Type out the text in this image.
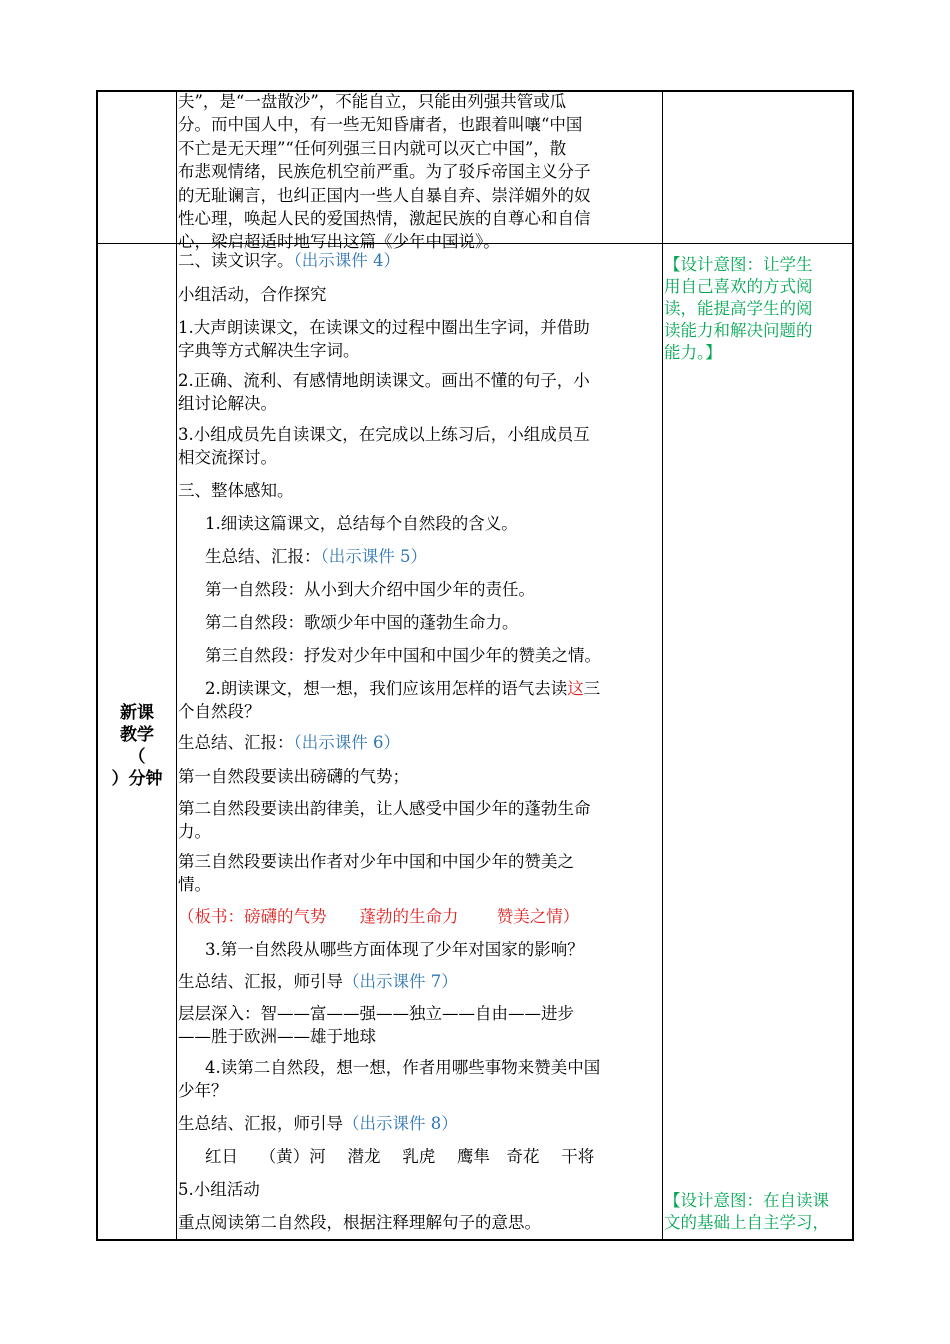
夫”，是“一盘散沙”，不能自立，只能由列强共管或瓜
分。而中国人中，有一些无知昏庸者，也跟着叫嚷“中国
不亡是无天理”“任何列强三日内就可以灭亡中国”，散
布悲观情绪，民族危机空前严重。为了驳斥帝国主义分子
的无耻谰言，也纠正国内一些人自暴自弃、崇洋媚外的奴
性心理，唤起人民的爱国热情，激起民族的自尊心和自信
心，梁启超适时地写出这篇《少年中国说》。
新课
教学
（
）分钟

二、读文识字。（出示课件 4）

小组活动，合作探究

1.大声朗读课文，在读课文的过程中圈出生字词，并借助

字典等方式解决生字词。

2.正确、流利、有感情地朗读课文。画出不懂的句子，小

组讨论解决。

3.小组成员先自读课文，在完成以上练习后，小组成员互

相交流探讨。

三、整体感知。

1.细读这篇课文，总结每个自然段的含义。

生总结、汇报：（出示课件 5）

第一自然段：从小到大介绍中国少年的责任。

第二自然段：歌颂少年中国的蓬勃生命力。

第三自然段：抒发对少年中国和中国少年的赞美之情。

2.朗读课文，想一想，我们应该用怎样的语气去读这三

个自然段？

生总结、汇报：（出示课件 6）

第一自然段要读出磅礴的气势；

第二自然段要读出韵律美，让人感受中国少年的蓬勃生命

力。

第三自然段要读出作者对少年中国和中国少年的赞美之

情。

（板书：磅礴的气势　　蓬勃的生命力　　 赞美之情）

3.第一自然段从哪些方面体现了少年对国家的影响？

生总结、汇报，师引导（出示课件 7）

层层深入：智——富——强——独立——自由——进步

——胜于欧洲——雄于地球

4.读第二自然段，想一想，作者用哪些事物来赞美中国

少年？

生总结、汇报，师引导（出示课件 8）

红日　 （黄）河　 潜龙　 乳虎　 鹰隼　奇花　 干将

5.小组活动

重点阅读第二自然段，根据注释理解句子的意思。

【设计意图：让学生
用自己喜欢的方式阅
读，能提高学生的阅
读能力和解决问题的
能力。】
【设计意图：在自读课
文的基础上自主学习，
